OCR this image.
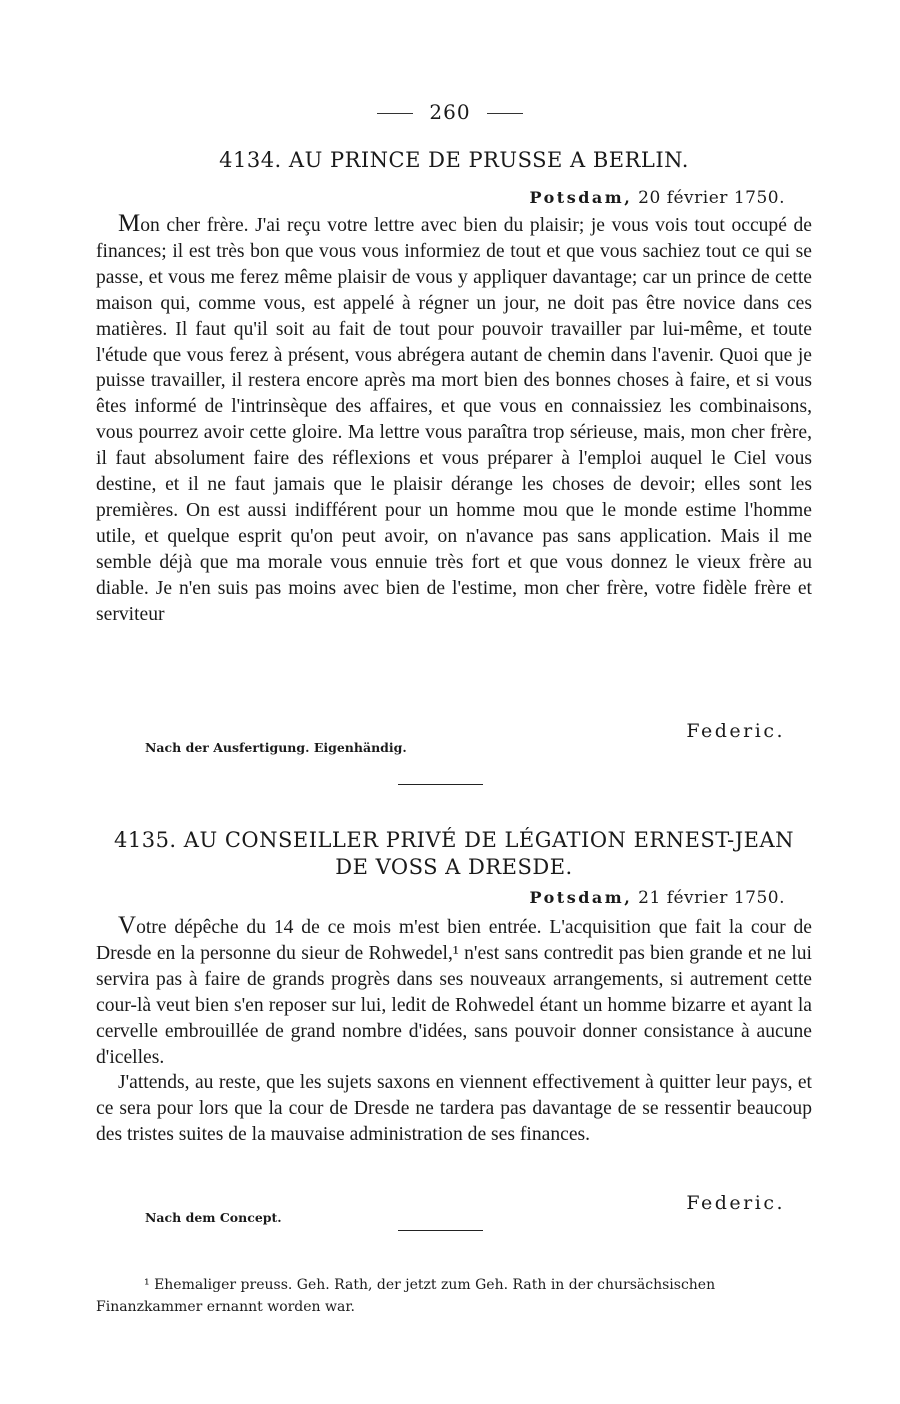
260
4134. AU PRINCE DE PRUSSE A BERLIN.
Potsdam, 20 février 1750.

Mon cher frère. J'ai reçu votre lettre avec bien du plaisir; je vous vois tout occupé de finances; il est très bon que vous vous informiez de tout et que vous sachiez tout ce qui se passe, et vous me ferez même plaisir de vous y appliquer davantage; car un prince de cette maison qui, comme vous, est appelé à régner un jour, ne doit pas être novice dans ces matières. Il faut qu'il soit au fait de tout pour pouvoir travailler par lui-même, et toute l'étude que vous ferez à présent, vous abrégera autant de chemin dans l'avenir. Quoi que je puisse travailler, il restera encore après ma mort bien des bonnes choses à faire, et si vous êtes informé de l'intrinsèque des affaires, et que vous en connaissiez les combinaisons, vous pourrez avoir cette gloire. Ma lettre vous paraîtra trop sérieuse, mais, mon cher frère, il faut absolument faire des réflexions et vous préparer à l'emploi auquel le Ciel vous destine, et il ne faut jamais que le plaisir dérange les choses de devoir; elles sont les premières. On est aussi indifférent pour un homme mou que le monde estime l'homme utile, et quelque esprit qu'on peut avoir, on n'avance pas sans application. Mais il me semble déjà que ma morale vous ennuie très fort et que vous donnez le vieux frère au diable. Je n'en suis pas moins avec bien de l'estime, mon cher frère, votre fidèle frère et serviteur

Federic.
Nach der Ausfertigung. Eigenhändig.
4135. AU CONSEILLER PRIVÉ DE LÉGATION ERNEST-JEAN
DE VOSS A DRESDE.
Potsdam, 21 février 1750.

Votre dépêche du 14 de ce mois m'est bien entrée. L'acquisition que fait la cour de Dresde en la personne du sieur de Rohwedel,¹ n'est sans contredit pas bien grande et ne lui servira pas à faire de grands progrès dans ses nouveaux arrangements, si autrement cette cour-là veut bien s'en reposer sur lui, ledit de Rohwedel étant un homme bizarre et ayant la cervelle embrouillée de grand nombre d'idées, sans pouvoir donner consistance à aucune d'icelles.

J'attends, au reste, que les sujets saxons en viennent effectivement à quitter leur pays, et ce sera pour lors que la cour de Dresde ne tardera pas davantage de se ressentir beaucoup des tristes suites de la mauvaise administration de ses finances.

Federic.
Nach dem Concept.

¹ Ehemaliger preuss. Geh. Rath, der jetzt zum Geh. Rath in der chursächsischen Finanzkammer ernannt worden war.
